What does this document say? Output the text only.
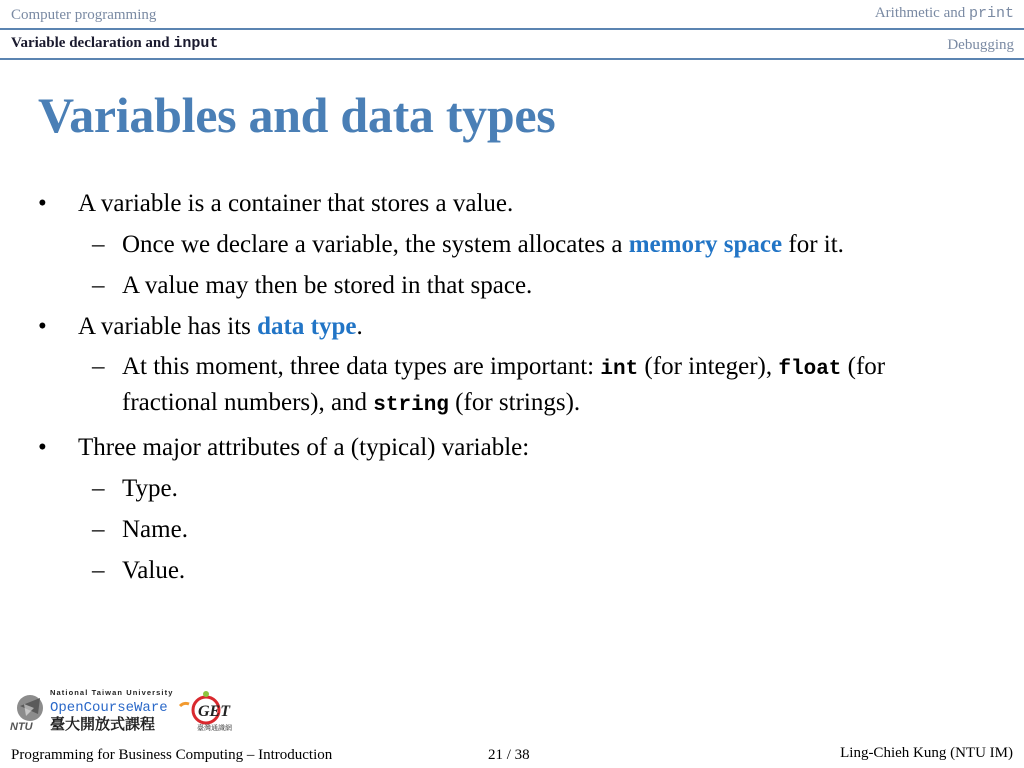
Computer programming	Arithmetic and print
Variable declaration and input	Debugging
Variables and data types
• A variable is a container that stores a value.
– Once we declare a variable, the system allocates a memory space for it.
– A value may then be stored in that space.
• A variable has its data type.
– At this moment, three data types are important: int (for integer), float (for fractional numbers), and string (for strings).
• Three major attributes of a (typical) variable:
– Type.
– Name.
– Value.
NTU
National Taiwan University
OpenCourseWare
臺大開放式課程
GET
臺灣通識網
Programming for Business Computing – Introduction	21 / 38	Ling-Chieh Kung (NTU IM)
